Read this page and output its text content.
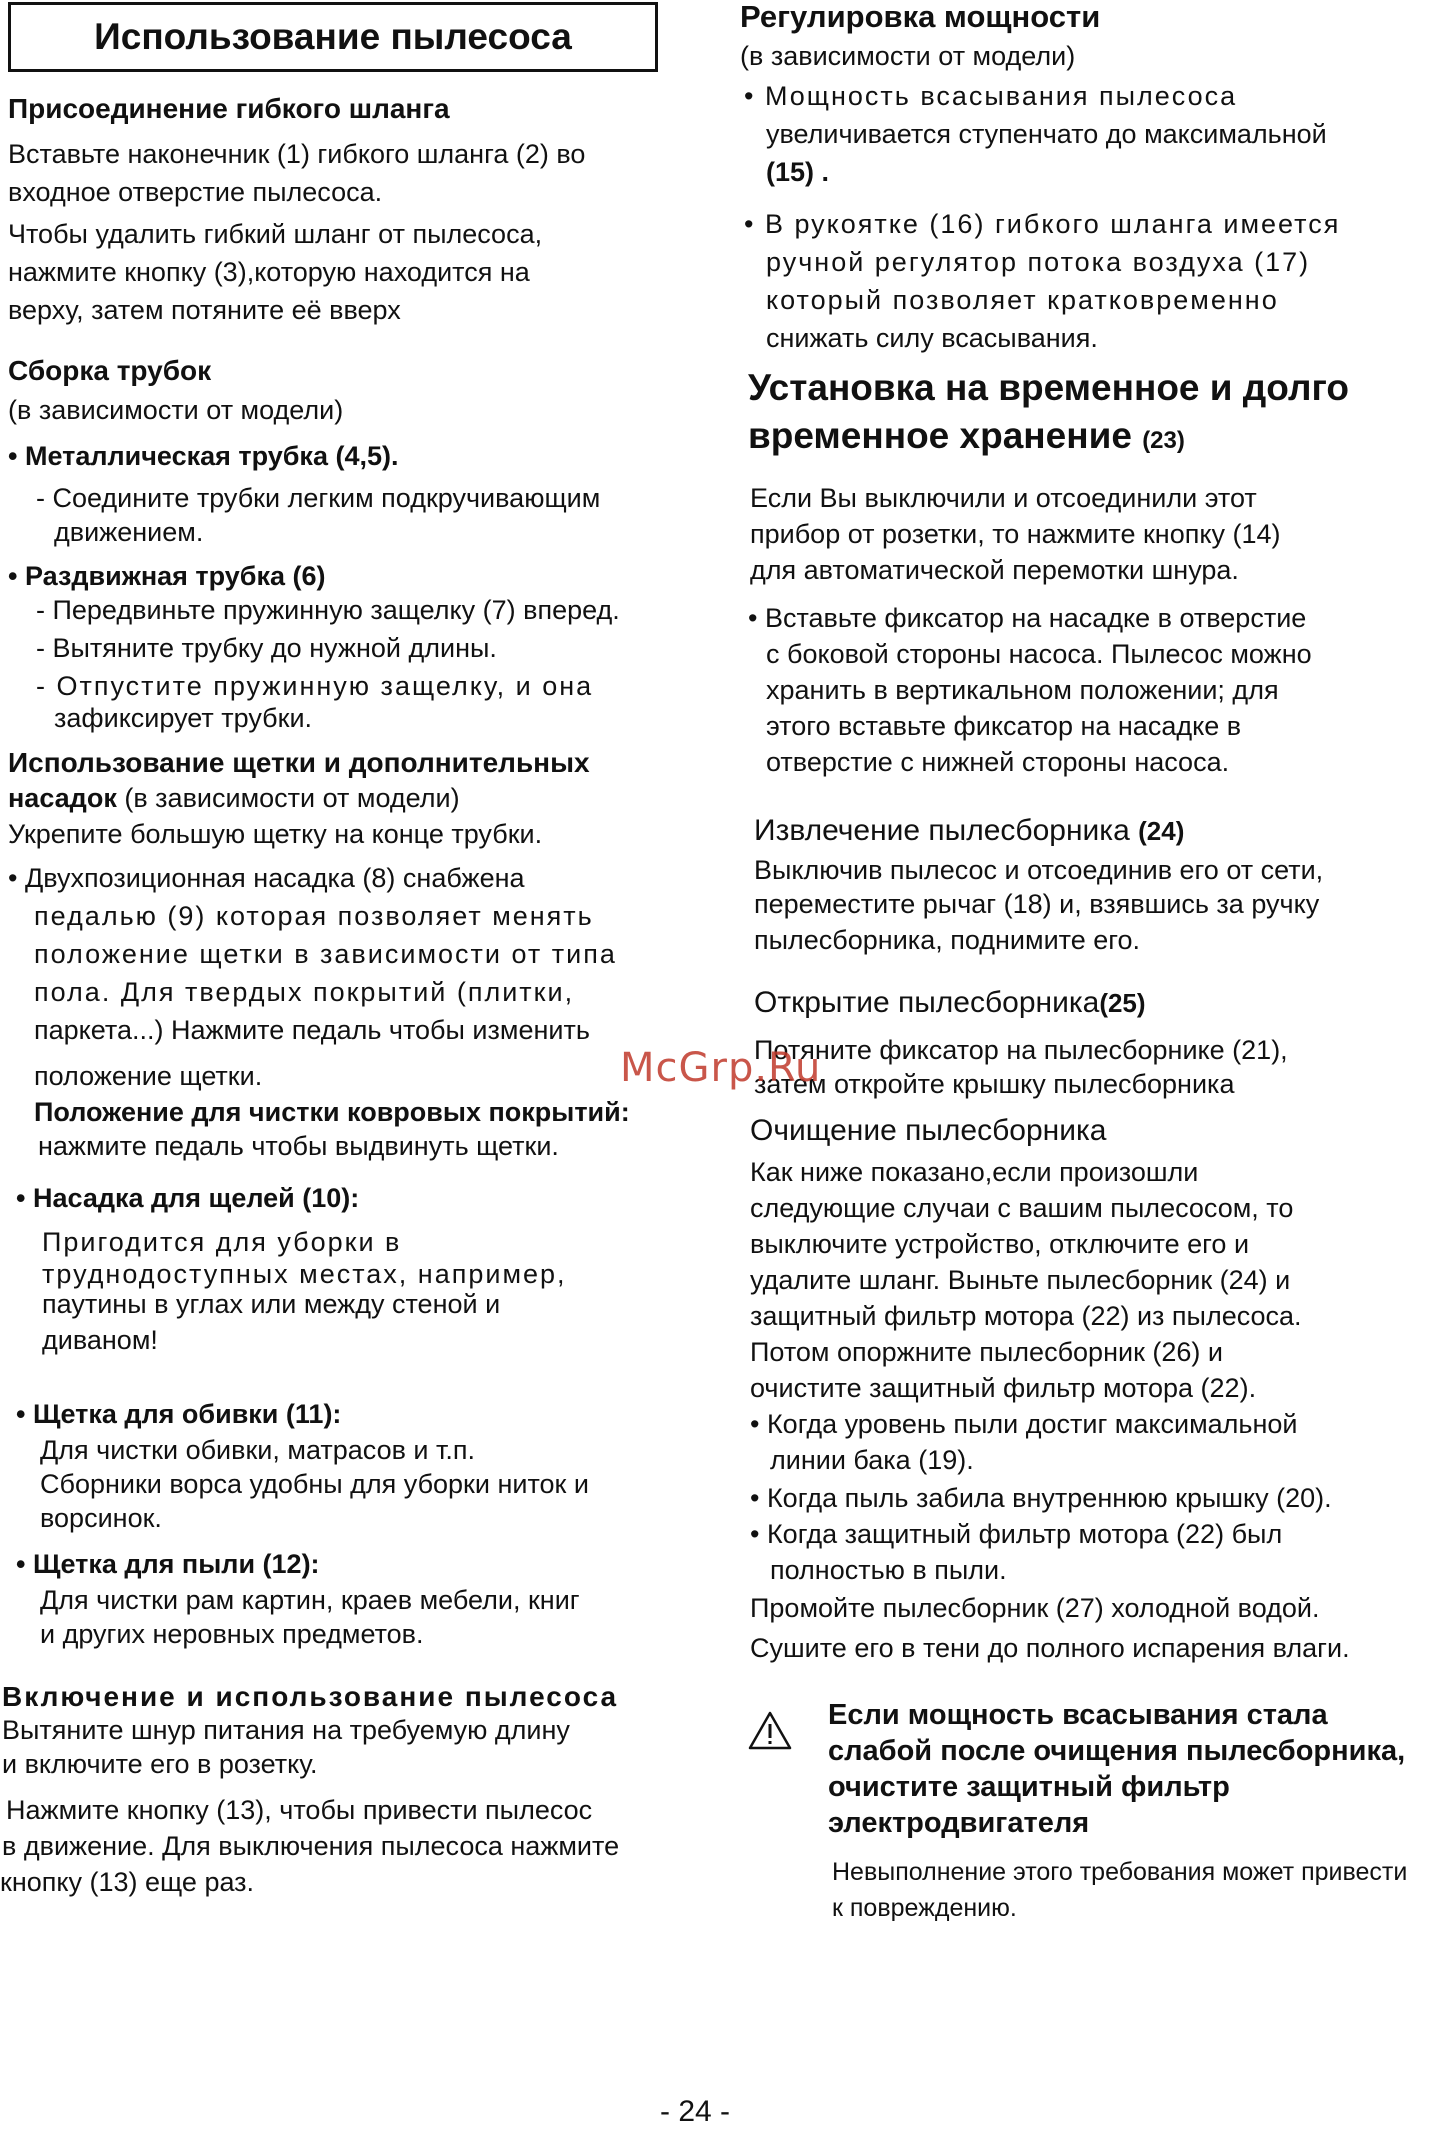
Использование пылесоса
Присоединение гибкого шланга
Вставьте наконечник (1) гибкого шланга (2) во
входное отверстие пылесоса.
Чтобы удалить гибкий шланг от пылесоса,
нажмите кнопку (3),которую находится на
верху, затем потяните её вверх
Сборка трубок
(в зависимости от модели)
• Металлическая трубка (4,5).
- Соедините трубки легким подкручивающим
движением.
• Раздвижная трубка (6)
- Передвиньте пружинную защелку (7) вперед.
- Вытяните трубку до нужной длины.
- Отпустите пружинную защелку, и она
зафиксирует трубки.
Использование щетки и дополнительных
насадок (в зависимости от модели)
Укрепите большую щетку на конце трубки.
• Двухпозиционная насадка (8) снабжена
педалью (9) которая позволяет менять
положение щетки в зависимости от типа
пола. Для твердых покрытий (плитки,
паркета...) Нажмите педаль чтобы изменить
положение щетки.
Положение для чистки ковровых покрытий:
нажмите педаль чтобы выдвинуть щетки.
• Насадка для щелей (10):
Пригодится для уборки в
труднодоступных местах, например,
паутины в углах или между стеной и
диваном!
• Щетка для обивки (11):
Для чистки обивки, матрасов и т.п.
Сборники ворса удобны для уборки ниток и
ворсинок.
• Щетка для пыли (12):
Для чистки рам картин, краев мебели, книг
и других неровных предметов.
Включение и использование пылесоса
Вытяните шнур питания на требуемую длину
и включите его в розетку.
Нажмите кнопку (13), чтобы привести пылесос
в движение. Для выключения пылесоса нажмите
кнопку (13) еще раз.
Регулировка мощности
(в зависимости от модели)
• Мощность всасывания пылесоса
увеличивается ступенчато до максимальной
(15) .
• В рукоятке (16) гибкого шланга имеется
ручной регулятор потока воздуха (17)
который позволяет кратковременно
снижать силу всасывания.
Установка на временное и долго
временное хранение (23)
Если Вы выключили и отсоединили этот
прибор от розетки, то нажмите кнопку (14)
для автоматической перемотки шнура.
• Вставьте фиксатор на насадке в отверстие
с боковой стороны насоса. Пылесос можно
хранить в вертикальном положении; для
этого вставьте фиксатор на насадке в
отверстие с нижней стороны насоса.
Извлечение пылесборника (24)
Выключив пылесос и отсоединив его от сети,
переместите рычаг (18) и, взявшись за ручку
пылесборника, поднимите его.
Открытие пылесборника(25)
Потяните фиксатор на пылесборнике (21),
затем откройте крышку пылесборника
Очищение пылесборника
Как ниже показано,если произошли
следующие случаи с вашим пылесосом, то
выключите устройство, отключите его и
удалите шланг. Выньте пылесборник (24) и
защитный фильтр мотора (22) из пылесоса.
Потом опоржните пылесборник (26) и
очистите защитный фильтр мотора (22).
• Когда уровень пыли достиг максимальной
линии бака (19).
• Когда пыль забила внутреннюю крышку (20).
• Когда защитный фильтр мотора (22) был
полностью в пыли.
Промойте пылесборник (27) холодной водой.
Сушите его в тени до полного испарения влаги.
Если мощность всасывания стала
слабой после очищения пылесборника,
очистите защитный фильтр
электродвигателя
Невыполнение этого требования может привести
к повреждению.
McGrp.Ru
- 24 -
